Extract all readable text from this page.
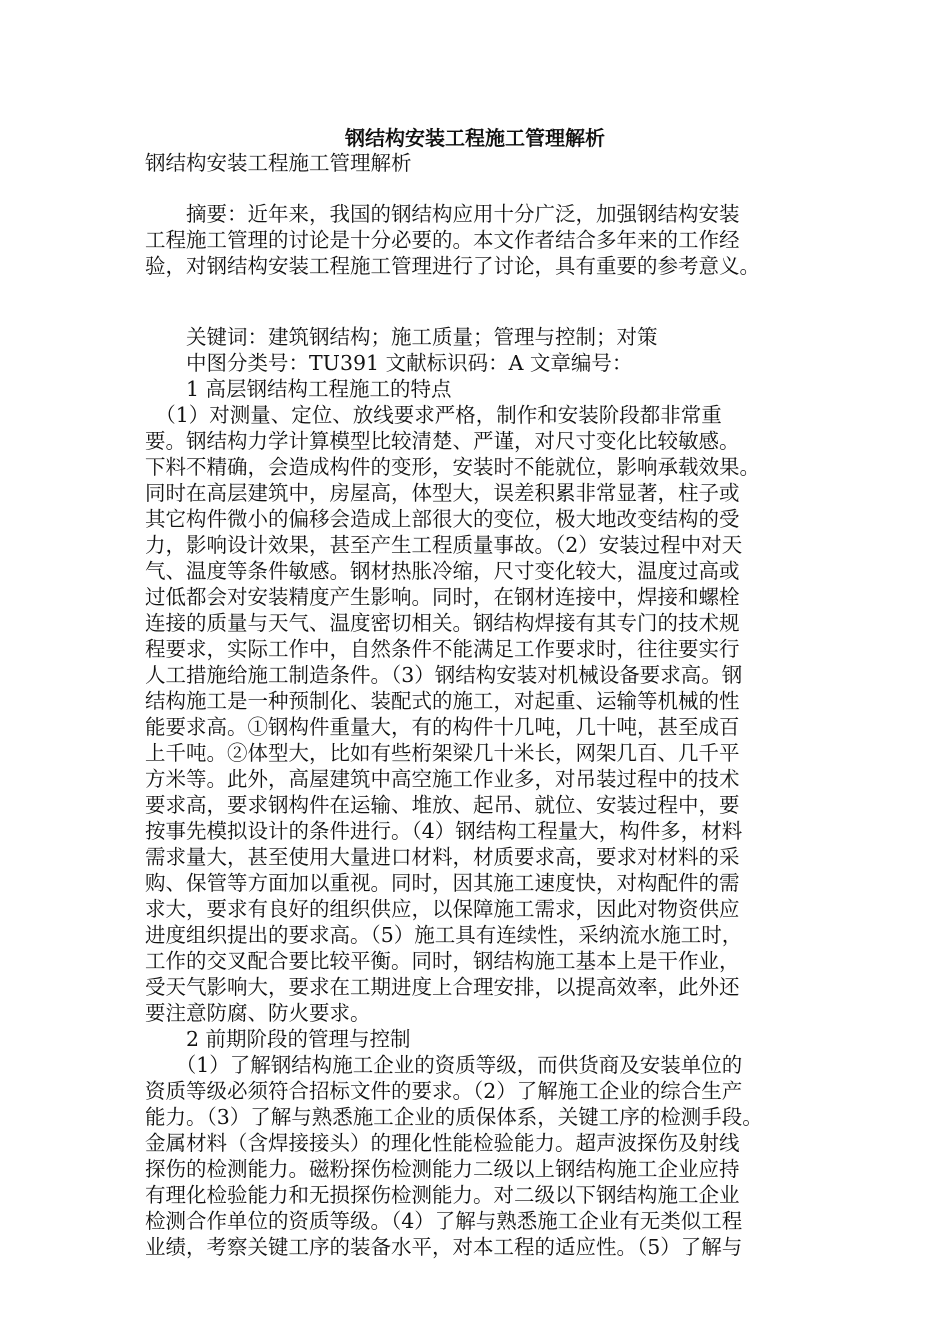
钢结构安装工程施工管理解析
钢结构安装工程施工管理解析
　　摘要：近年来，我国的钢结构应用十分广泛，加强钢结构安装
工程施工管理的讨论是十分必要的。本文作者结合多年来的工作经
验，对钢结构安装工程施工管理进行了讨论，具有重要的参考意义。
　　关键词：建筑钢结构；施工质量；管理与控制；对策
　　中图分类号：TU391 文献标识码：A 文章编号：
　　1 高层钢结构工程施工的特点
　（1）对测量、定位、放线要求严格，制作和安装阶段都非常重
要。钢结构力学计算模型比较清楚、严谨，对尺寸变化比较敏感。
下料不精确，会造成构件的变形，安装时不能就位，影响承载效果。
同时在高层建筑中，房屋高，体型大，误差积累非常显著，柱子或
其它构件微小的偏移会造成上部很大的变位，极大地改变结构的受
力，影响设计效果，甚至产生工程质量事故。（2）安装过程中对天
气、温度等条件敏感。钢材热胀冷缩，尺寸变化较大，温度过高或
过低都会对安装精度产生影响。同时，在钢材连接中，焊接和螺栓
连接的质量与天气、温度密切相关。钢结构焊接有其专门的技术规
程要求，实际工作中，自然条件不能满足工作要求时，往往要实行
人工措施给施工制造条件。（3）钢结构安装对机械设备要求高。钢
结构施工是一种预制化、装配式的施工，对起重、运输等机械的性
能要求高。①钢构件重量大，有的构件十几吨，几十吨，甚至成百
上千吨。②体型大，比如有些桁架梁几十米长，网架几百、几千平
方米等。此外，高屋建筑中高空施工作业多，对吊装过程中的技术
要求高，要求钢构件在运输、堆放、起吊、就位、安装过程中，要
按事先模拟设计的条件进行。（4）钢结构工程量大，构件多，材料
需求量大，甚至使用大量进口材料，材质要求高，要求对材料的采
购、保管等方面加以重视。同时，因其施工速度快，对构配件的需
求大，要求有良好的组织供应，以保障施工需求，因此对物资供应
进度组织提出的要求高。（5）施工具有连续性，采纳流水施工时，
工作的交叉配合要比较平衡。同时，钢结构施工基本上是干作业，
受天气影响大，要求在工期进度上合理安排，以提高效率，此外还
要注意防腐、防火要求。
　　2 前期阶段的管理与控制
　　（1）了解钢结构施工企业的资质等级，而供货商及安装单位的
资质等级必须符合招标文件的要求。（2）了解施工企业的综合生产
能力。（3）了解与熟悉施工企业的质保体系，关键工序的检测手段。
金属材料（含焊接接头）的理化性能检验能力。超声波探伤及射线
探伤的检测能力。磁粉探伤检测能力二级以上钢结构施工企业应持
有理化检验能力和无损探伤检测能力。对二级以下钢结构施工企业
检测合作单位的资质等级。（4）了解与熟悉施工企业有无类似工程
业绩，考察关键工序的装备水平，对本工程的适应性。（5）了解与
